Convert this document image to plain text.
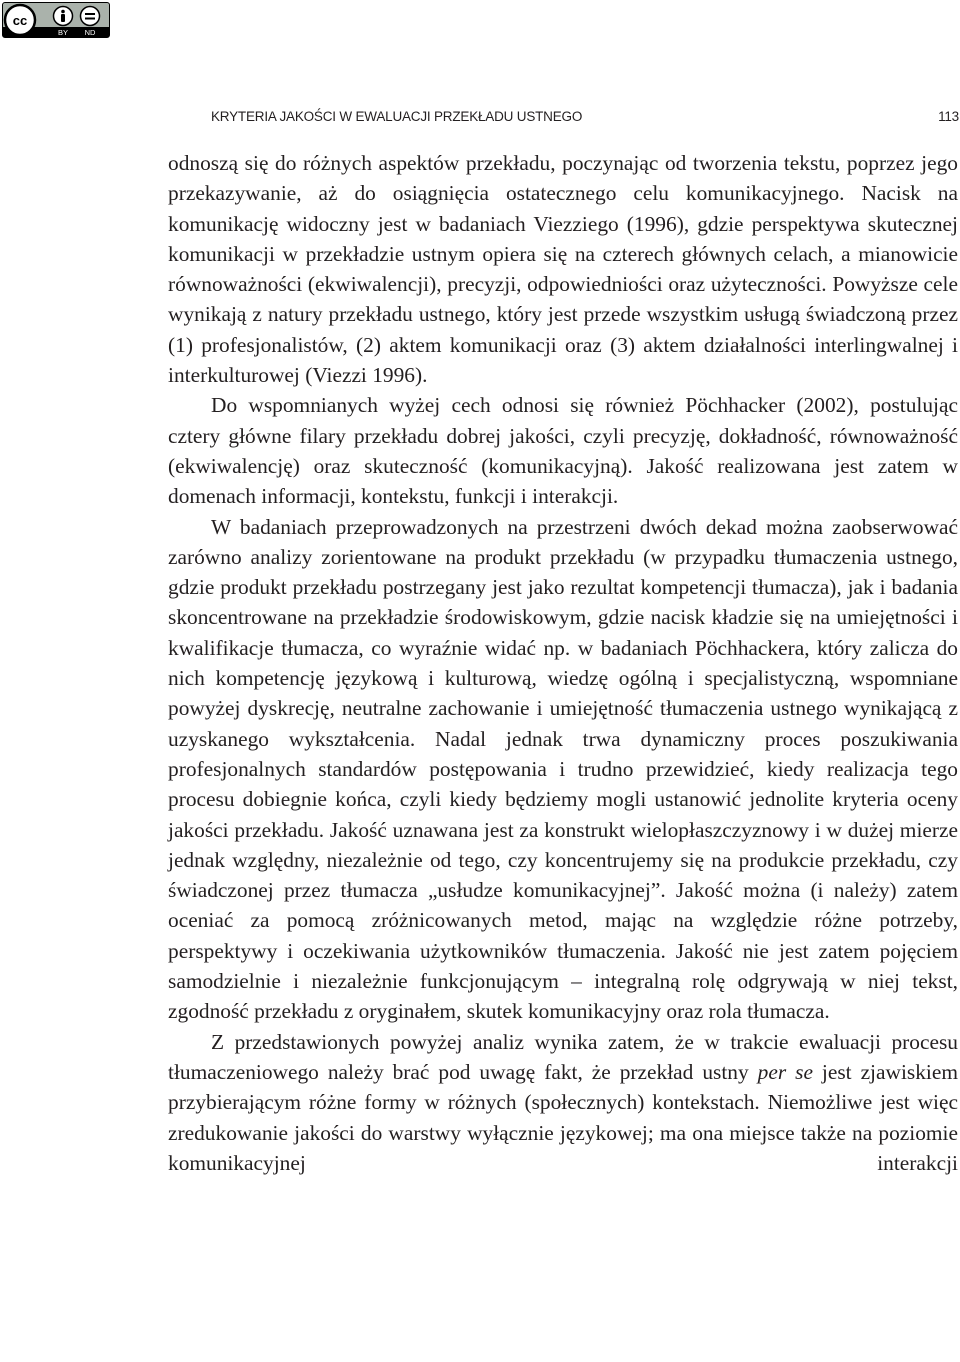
cc
BY ND
KRYTERIA JAKOŚCI W EWALUACJI PRZEKŁADU USTNEGO	113

odnoszą się do różnych aspektów przekładu, poczynając od tworzenia tekstu, poprzez jego przekazywanie, aż do osiągnięcia ostatecznego celu komunikacyjnego. Nacisk na komunikację widoczny jest w badaniach Viezziego (1996), gdzie perspektywa skutecznej komunikacji w przekładzie ustnym opiera się na czterech głównych celach, a mianowicie równoważności (ekwiwalencji), precyzji, odpowiedniości oraz użyteczności. Powyższe cele wynikają z natury przekładu ustnego, który jest przede wszystkim usługą świadczoną przez (1) profesjonalistów, (2) aktem komunikacji oraz (3) aktem działalności interlingwalnej i interkulturowej (Viezzi 1996).

Do wspomnianych wyżej cech odnosi się również Pöchhacker (2002), postulując cztery główne filary przekładu dobrej jakości, czyli precyzję, dokładność, równoważność (ekwiwalencję) oraz skuteczność (komunikacyjną). Jakość realizowana jest zatem w domenach informacji, kontekstu, funkcji i interakcji.

W badaniach przeprowadzonych na przestrzeni dwóch dekad można zaobserwować zarówno analizy zorientowane na produkt przekładu (w przypadku tłumaczenia ustnego, gdzie produkt przekładu postrzegany jest jako rezultat kompetencji tłumacza), jak i badania skoncentrowane na przekładzie środowiskowym, gdzie nacisk kładzie się na umiejętności i kwalifikacje tłumacza, co wyraźnie widać np. w badaniach Pöchhackera, który zalicza do nich kompetencję językową i kulturową, wiedzę ogólną i specjalistyczną, wspomniane powyżej dyskrecję, neutralne zachowanie i umiejętność tłumaczenia ustnego wynikającą z uzyskanego wykształcenia. Nadal jednak trwa dynamiczny proces poszukiwania profesjonalnych standardów postępowania i trudno przewidzieć, kiedy realizacja tego procesu dobiegnie końca, czyli kiedy będziemy mogli ustanowić jednolite kryteria oceny jakości przekładu. Jakość uznawana jest za konstrukt wielopłaszczyznowy i w dużej mierze jednak względny, niezależnie od tego, czy koncentrujemy się na produkcie przekładu, czy świadczonej przez tłumacza „usłudze komunikacyjnej”. Jakość można (i należy) zatem oceniać za pomocą zróżnicowanych metod, mając na względzie różne potrzeby, perspektywy i oczekiwania użytkowników tłumaczenia. Jakość nie jest zatem pojęciem samodzielnie i niezależnie funkcjonującym – integralną rolę odgrywają w niej tekst, zgodność przekładu z oryginałem, skutek komunikacyjny oraz rola tłumacza.

Z przedstawionych powyżej analiz wynika zatem, że w trakcie ewaluacji procesu tłumaczeniowego należy brać pod uwagę fakt, że przekład ustny per se jest zjawiskiem przybierającym różne formy w różnych (społecznych) kontekstach. Niemożliwe jest więc zredukowanie jakości do warstwy wyłącznie językowej; ma ona miejsce także na poziomie komunikacyjnej interakcji
